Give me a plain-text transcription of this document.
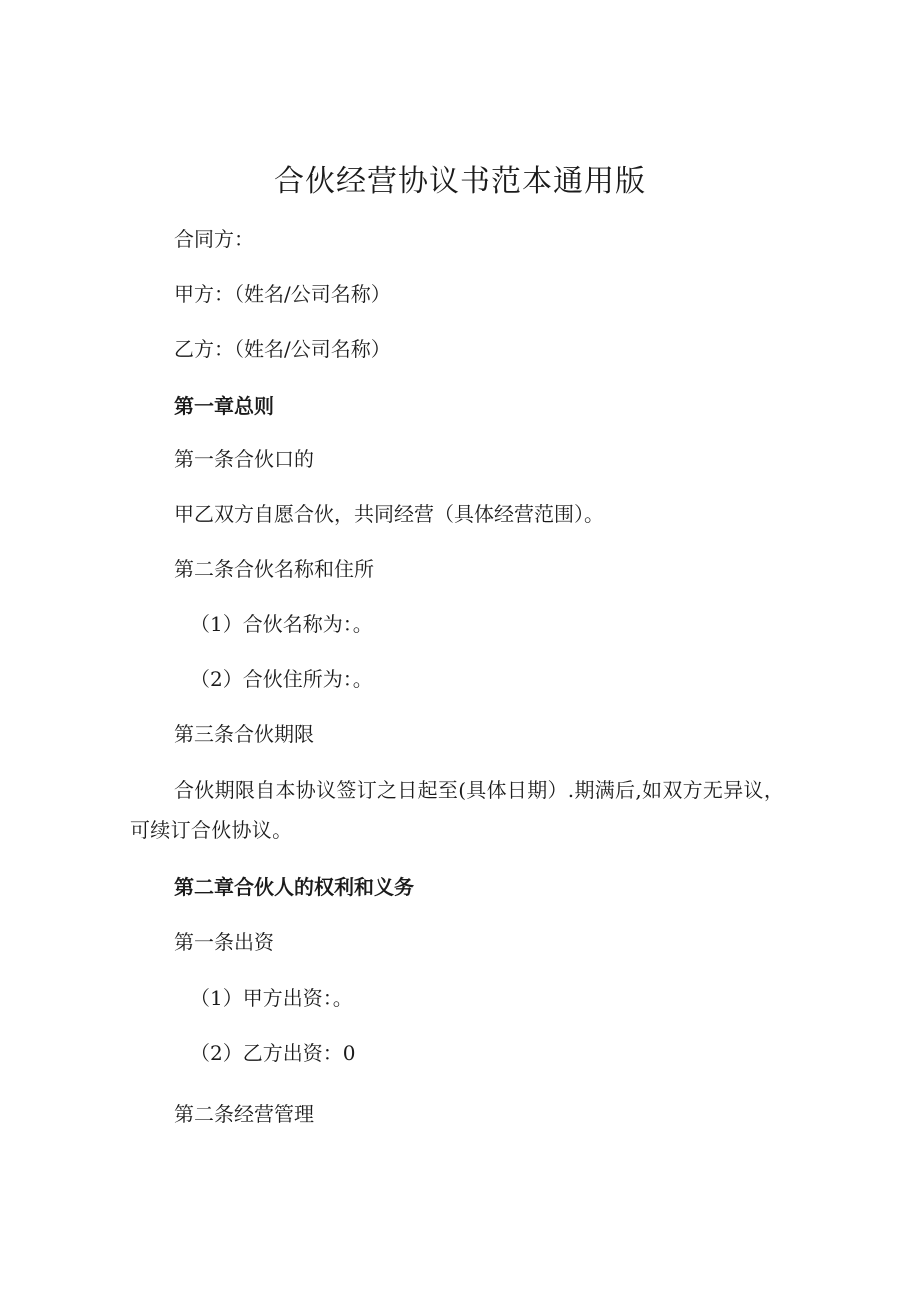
合伙经营协议书范本通用版
合同方：
甲方：（姓名/公司名称）
乙方：（姓名/公司名称）
第一章总则
第一条合伙口的
甲乙双方自愿合伙，共同经营（具体经营范围）。
第二条合伙名称和住所
（1）合伙名称为：。
（2）合伙住所为：。
第三条合伙期限
合伙期限自本协议签订之日起至(具体日期）.期满后,如双方无异议，可续订合伙协议。
第二章合伙人的权利和义务
第一条出资
（1）甲方出资：。
（2）乙方出资：0
第二条经营管理
